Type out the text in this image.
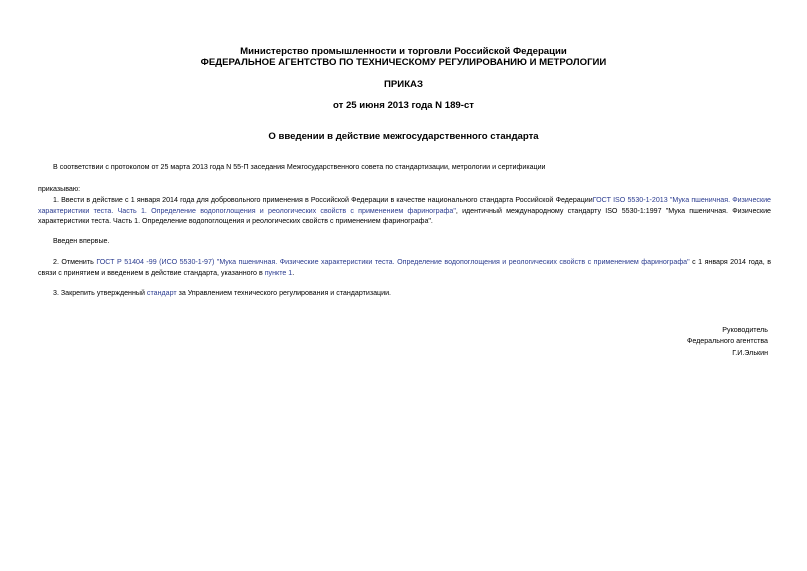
Министерство промышленности и торговли Российской Федерации
ФЕДЕРАЛЬНОЕ АГЕНТСТВО ПО ТЕХНИЧЕСКОМУ РЕГУЛИРОВАНИЮ И МЕТРОЛОГИИ
ПРИКАЗ
от 25 июня 2013 года N 189-ст
О введении в действие межгосударственного стандарта
В соответствии с протоколом от 25 марта 2013 года N 55-П заседания Межгосударственного совета по стандартизации, метрологии и сертификации
приказываю:
1. Ввести в действие с 1 января 2014 года для добровольного применения в Российской Федерации в качестве национального стандарта Российской ФедерацииГОСТ ISO 5530-1-2013 "Мука пшеничная. Физические характеристики теста. Часть 1. Определение водопоглощения и реологических свойств с применением фаринографа", идентичный международному стандарту ISO 5530-1:1997 "Мука пшеничная. Физические характеристики теста. Часть 1. Определение водопоглощения и реологических свойств с применением фаринографа".
Введен впервые.
2. Отменить ГОСТ Р 51404 -99 (ИСО 5530-1-97) "Мука пшеничная. Физические характеристики теста. Определение водопоглощения и реологических свойств с применением фаринографа" с 1 января 2014 года, в связи с принятием и введением в действие стандарта, указанного в пункте 1.
3. Закрепить утвержденный стандарт за Управлением технического регулирования и стандартизации.
Руководитель
Федерального агентства
Г.И.Элькин
